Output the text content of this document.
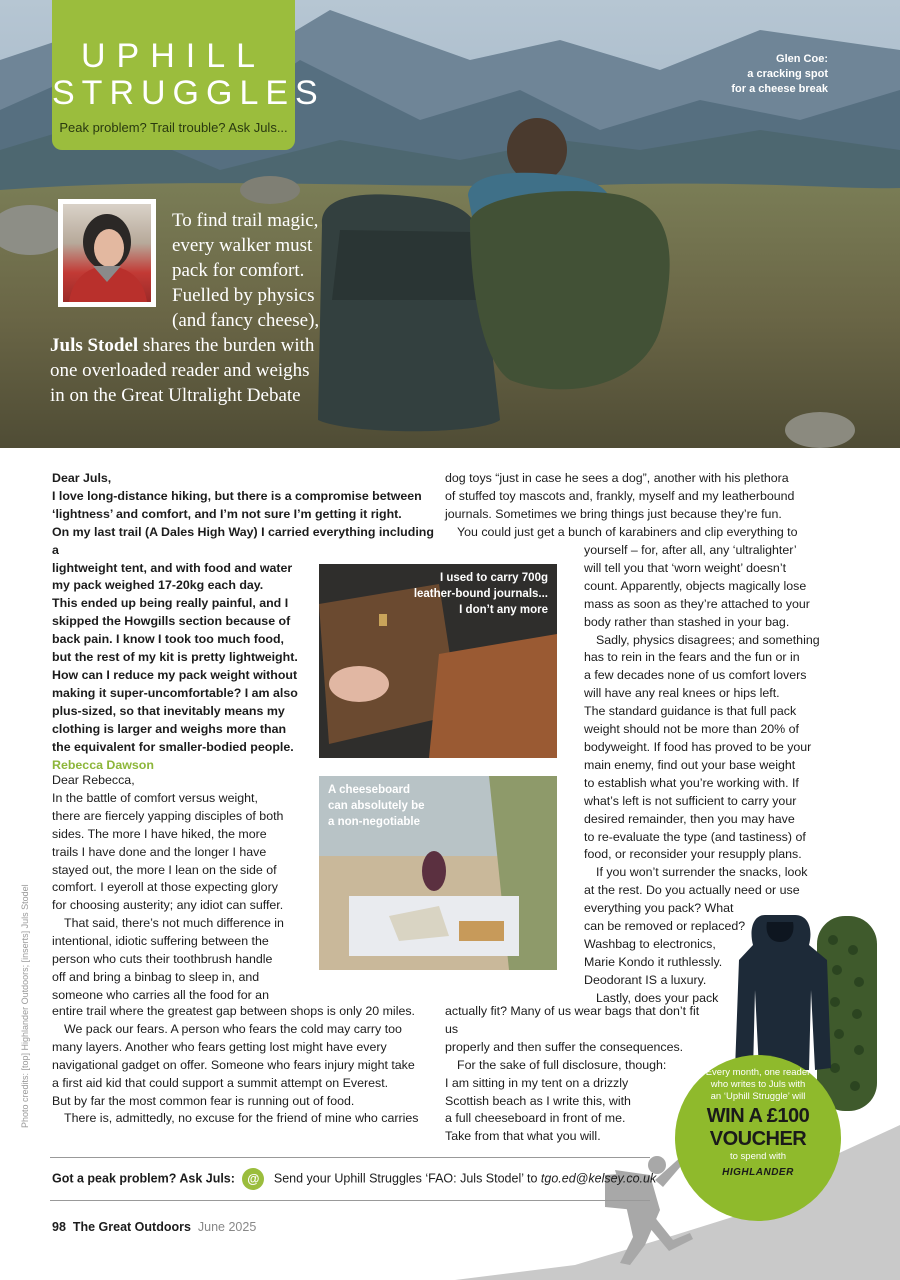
UPHILL
STRUGGLES
Peak problem? Trail trouble? Ask Juls...
Glen Coe:
a cracking spot
for a cheese break
To find trail magic,
every walker must
pack for comfort.
Fuelled by physics
(and fancy cheese),
Juls Stodel shares the burden with
one overloaded reader and weighs
in on the Great Ultralight Debate

Dear Juls,

I love long-distance hiking, but there is a compromise between

‘lightness’ and comfort, and I’m not sure I’m getting it right.

On my last trail (A Dales High Way) I carried everything including a

lightweight tent, and with food and water

my pack weighed 17-20kg each day.

This ended up being really painful, and I

skipped the Howgills section because of

back pain. I know I took too much food,

but the rest of my kit is pretty lightweight.

How can I reduce my pack weight without

making it super-uncomfortable? I am also

plus-sized, so that inevitably means my

clothing is larger and weighs more than

the equivalent for smaller-bodied people.

Rebecca Dawson

Dear Rebecca,

In the battle of comfort versus weight,

there are fiercely yapping disciples of both

sides. The more I have hiked, the more

trails I have done and the longer I have

stayed out, the more I lean on the side of

comfort. I eyeroll at those expecting glory

for choosing austerity; any idiot can suffer.

That said, there’s not much difference in

intentional, idiotic suffering between the

person who cuts their toothbrush handle

off and bring a binbag to sleep in, and

someone who carries all the food for an

entire trail where the greatest gap between shops is only 20 miles.

We pack our fears. A person who fears the cold may carry too

many layers. Another who fears getting lost might have every

navigational gadget on offer. Someone who fears injury might take

a first aid kid that could support a summit attempt on Everest.

But by far the most common fear is running out of food.

There is, admittedly, no excuse for the friend of mine who carries

I used to carry 700g
leather-bound journals...
I don’t any more
A cheeseboard
can absolutely be
a non-negotiable

dog toys “just in case he sees a dog”, another with his plethora

of stuffed toy mascots and, frankly, myself and my leatherbound

journals. Sometimes we bring things just because they’re fun.

You could just get a bunch of karabiners and clip everything to

yourself – for, after all, any ‘ultralighter’

will tell you that ‘worn weight’ doesn’t

count. Apparently, objects magically lose

mass as soon as they’re attached to your

body rather than stashed in your bag.

Sadly, physics disagrees; and something

has to rein in the fears and the fun or in

a few decades none of us comfort lovers

will have any real knees or hips left.

The standard guidance is that full pack

weight should not be more than 20% of

bodyweight. If food has proved to be your

main enemy, find out your base weight

to establish what you’re working with. If

what’s left is not sufficient to carry your

desired remainder, then you may have

to re-evaluate the type (and tastiness) of

food, or reconsider your resupply plans.

If you won’t surrender the snacks, look

at the rest. Do you actually need or use

everything you pack? What

can be removed or replaced?

Washbag to electronics,

Marie Kondo it ruthlessly.

Deodorant IS a luxury.

Lastly, does your pack

actually fit? Many of us wear bags that don’t fit us

properly and then suffer the consequences.

For the sake of full disclosure, though:

I am sitting in my tent on a drizzly

Scottish beach as I write this, with

a full cheeseboard in front of me.

Take from that what you will.

Every month, one reader
who writes to Juls with
an ‘Uphill Struggle’ will
WIN A £100
VOUCHER
to spend with
HIGHLANDER
Photo credits: [top] Highlander Outdoors; [inserts] Juls Stodel
Got a peak problem? Ask Juls: @ Send your Uphill Struggles ‘FAO: Juls Stodel’ to tgo.ed@kelsey.co.uk
98 The Great Outdoors June 2025
